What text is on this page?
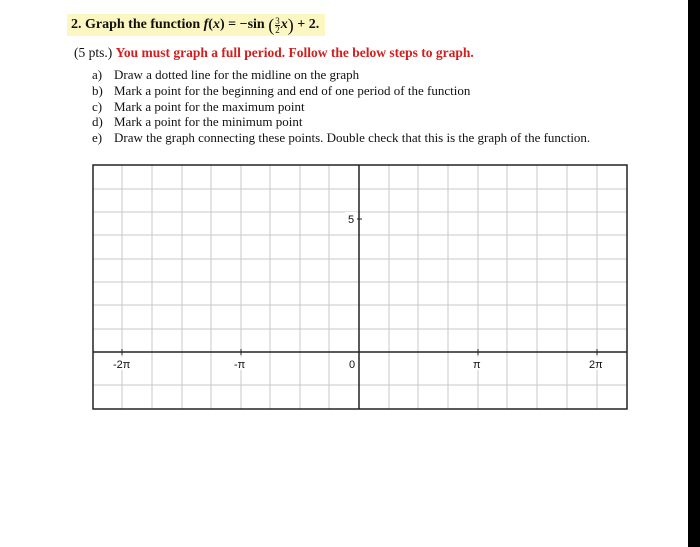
2. Graph the function f(x) = −sin $(\frac{3}{2} x) + 2$.
(5 pts.) You must graph a full period. Follow the below steps to graph.
a) Draw a dotted line for the midline on the graph
b) Mark a point for the beginning and end of one period of the function
c) Mark a point for the maximum point
d) Mark a point for the minimum point
e) Draw the graph connecting these points. Double check that this is the graph of the function.
-2π	-π	0	π	2π
5
